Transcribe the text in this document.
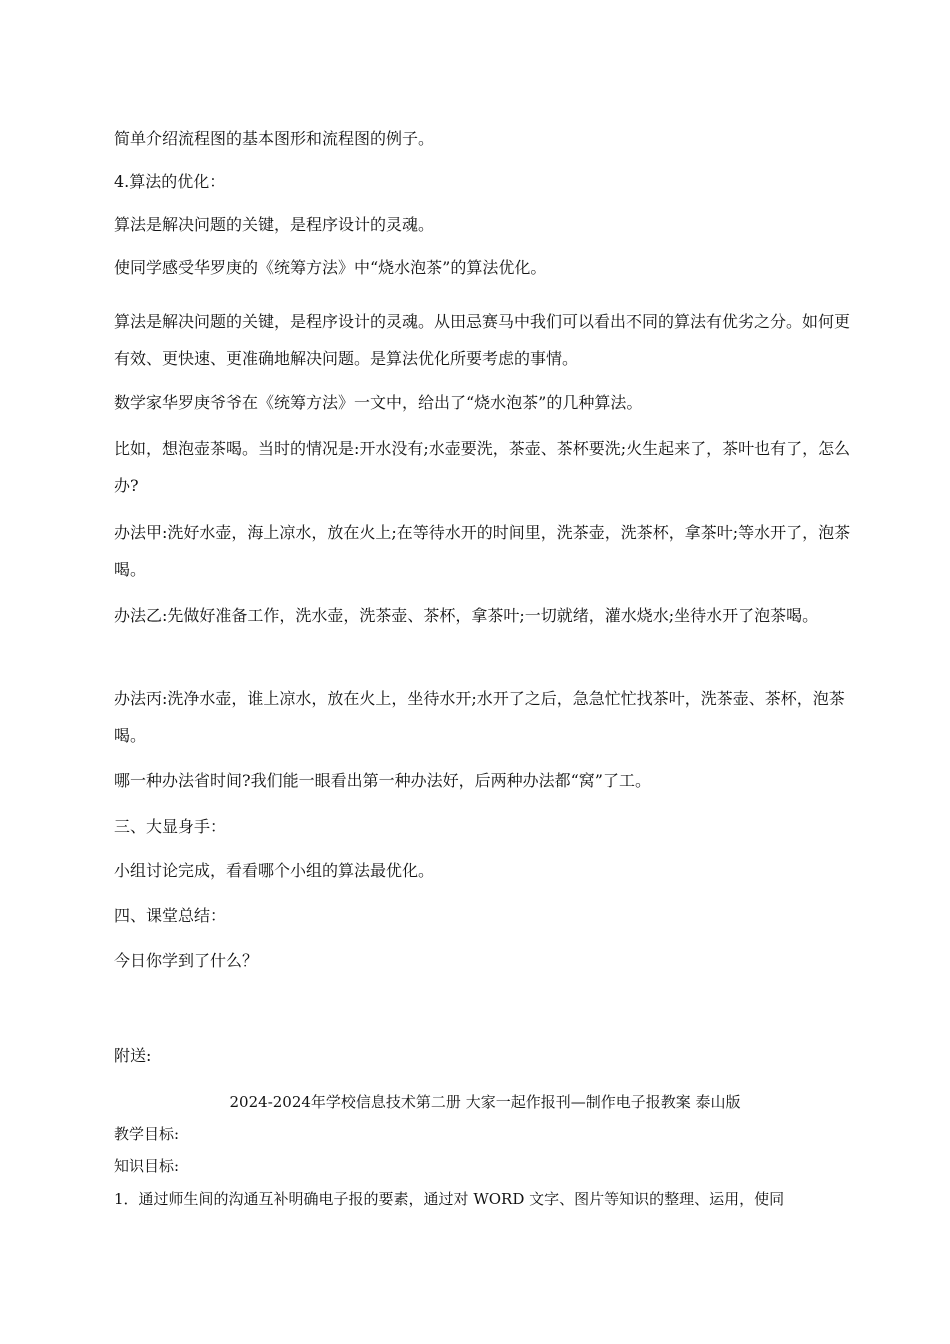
简单介绍流程图的基本图形和流程图的例子。
4.算法的优化：
算法是解决问题的关键，是程序设计的灵魂。
使同学感受华罗庚的《统筹方法》中“烧水泡茶”的算法优化。
算法是解决问题的关键，是程序设计的灵魂。从田忌赛马中我们可以看出不同的算法有优劣之分。如何更有效、更快速、更准确地解决问题。是算法优化所要考虑的事情。
数学家华罗庚爷爷在《统筹方法》一文中，给出了“烧水泡茶”的几种算法。
比如，想泡壶茶喝。当时的情况是:开水没有;水壶要洗，茶壶、茶杯要洗;火生起来了，茶叶也有了，怎么办?
办法甲:洗好水壶，海上凉水，放在火上;在等待水开的时间里，洗茶壶，洗茶杯，拿茶叶;等水开了，泡茶喝。
办法乙:先做好准备工作，洗水壶，洗茶壶、茶杯，拿茶叶;一切就绪，灌水烧水;坐待水开了泡茶喝。
办法丙:洗净水壶，谁上凉水，放在火上，坐待水开;水开了之后，急急忙忙找茶叶，洗茶壶、茶杯，泡茶喝。
哪一种办法省时间?我们能一眼看出第一种办法好，后两种办法都“窝”了工。
三、大显身手：
小组讨论完成，看看哪个小组的算法最优化。
四、课堂总结：
今日你学到了什么？
附送:
2024-2024年学校信息技术第二册 大家一起作报刊—制作电子报教案 泰山版
教学目标:
知识目标:
1．通过师生间的沟通互补明确电子报的要素，通过对 WORD 文字、图片等知识的整理、运用，使同
